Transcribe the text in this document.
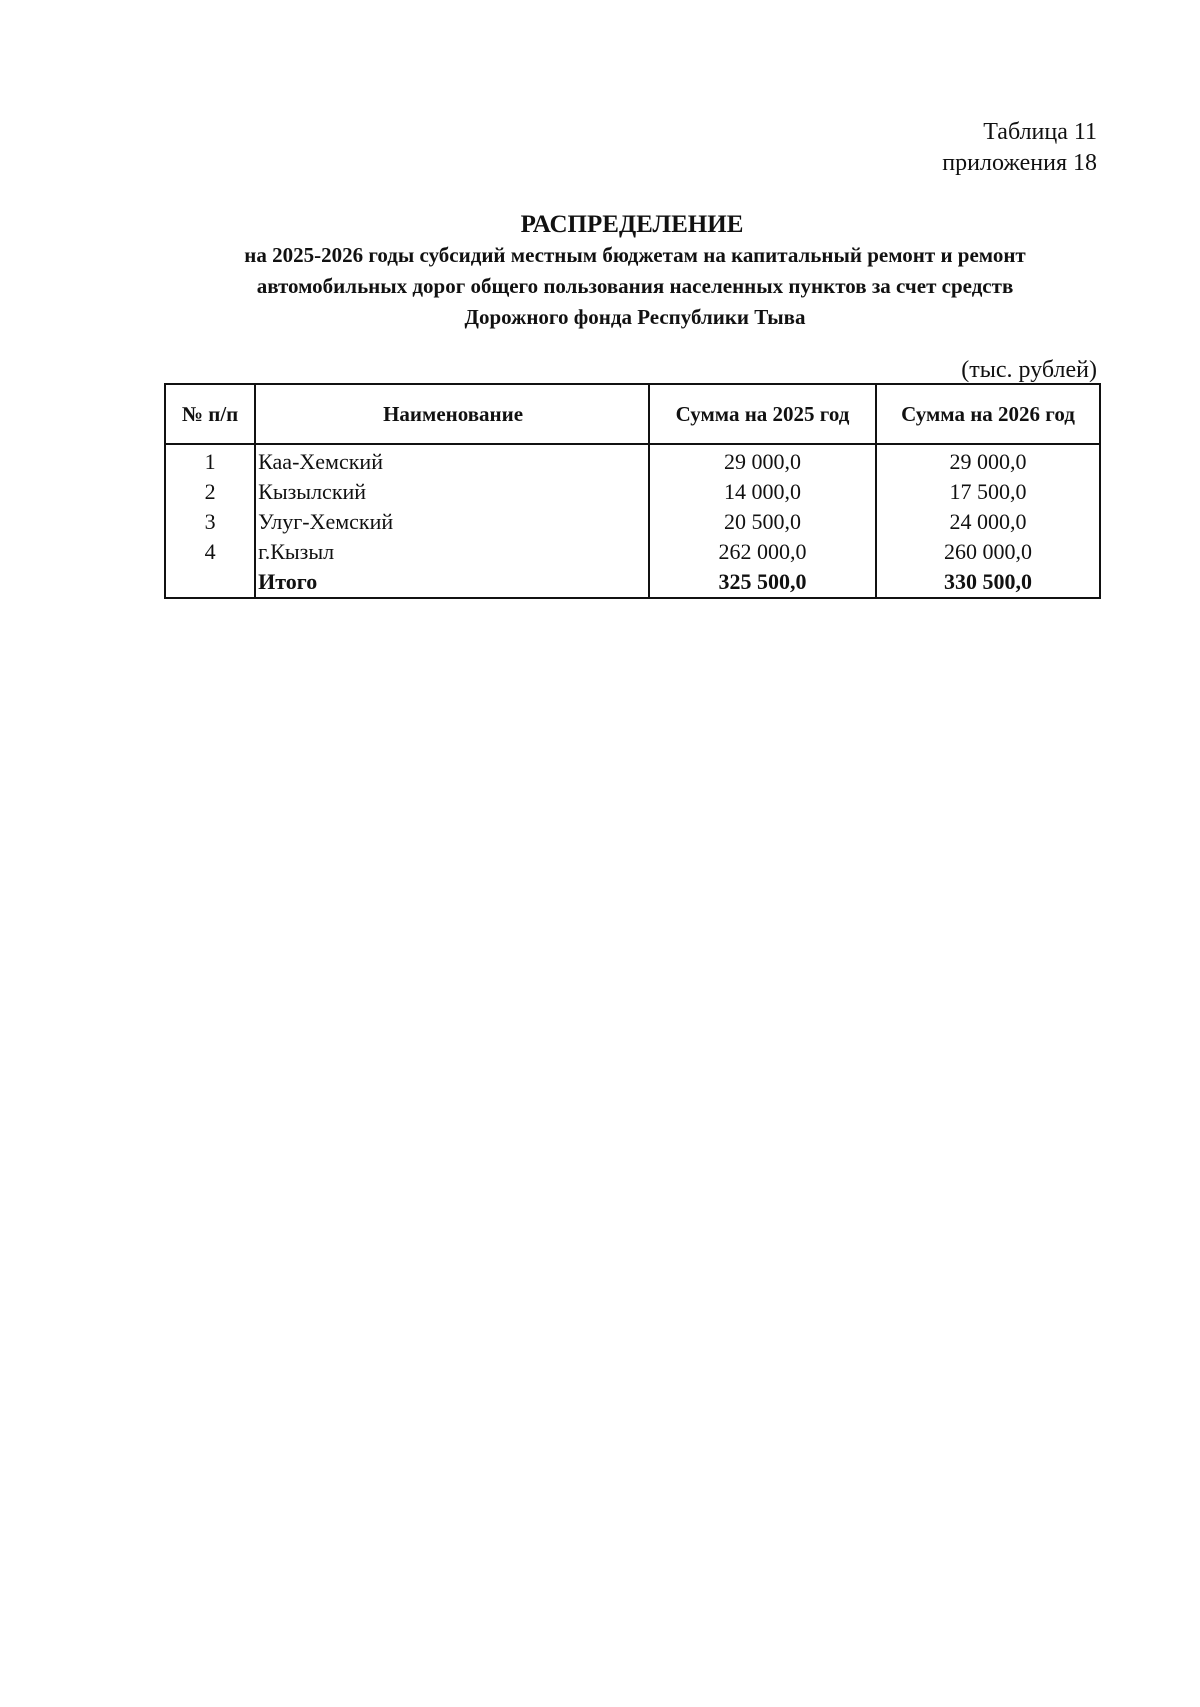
Таблица 11
приложения 18
РАСПРЕДЕЛЕНИЕ
на 2025-2026 годы субсидий местным бюджетам на капитальный ремонт и ремонт
автомобильных дорог общего пользования населенных пунктов за счет средств
Дорожного фонда Республики Тыва
(тыс. рублей)
№ п/п	Наименование	Сумма на 2025 год	Сумма на 2026 год
1	Каа-Хемский	29 000,0	29 000,0
2	Кызылский	14 000,0	17 500,0
3	Улуг-Хемский	20 500,0	24 000,0
4	г.Кызыл	262 000,0	260 000,0
	Итого	325 500,0	330 500,0
